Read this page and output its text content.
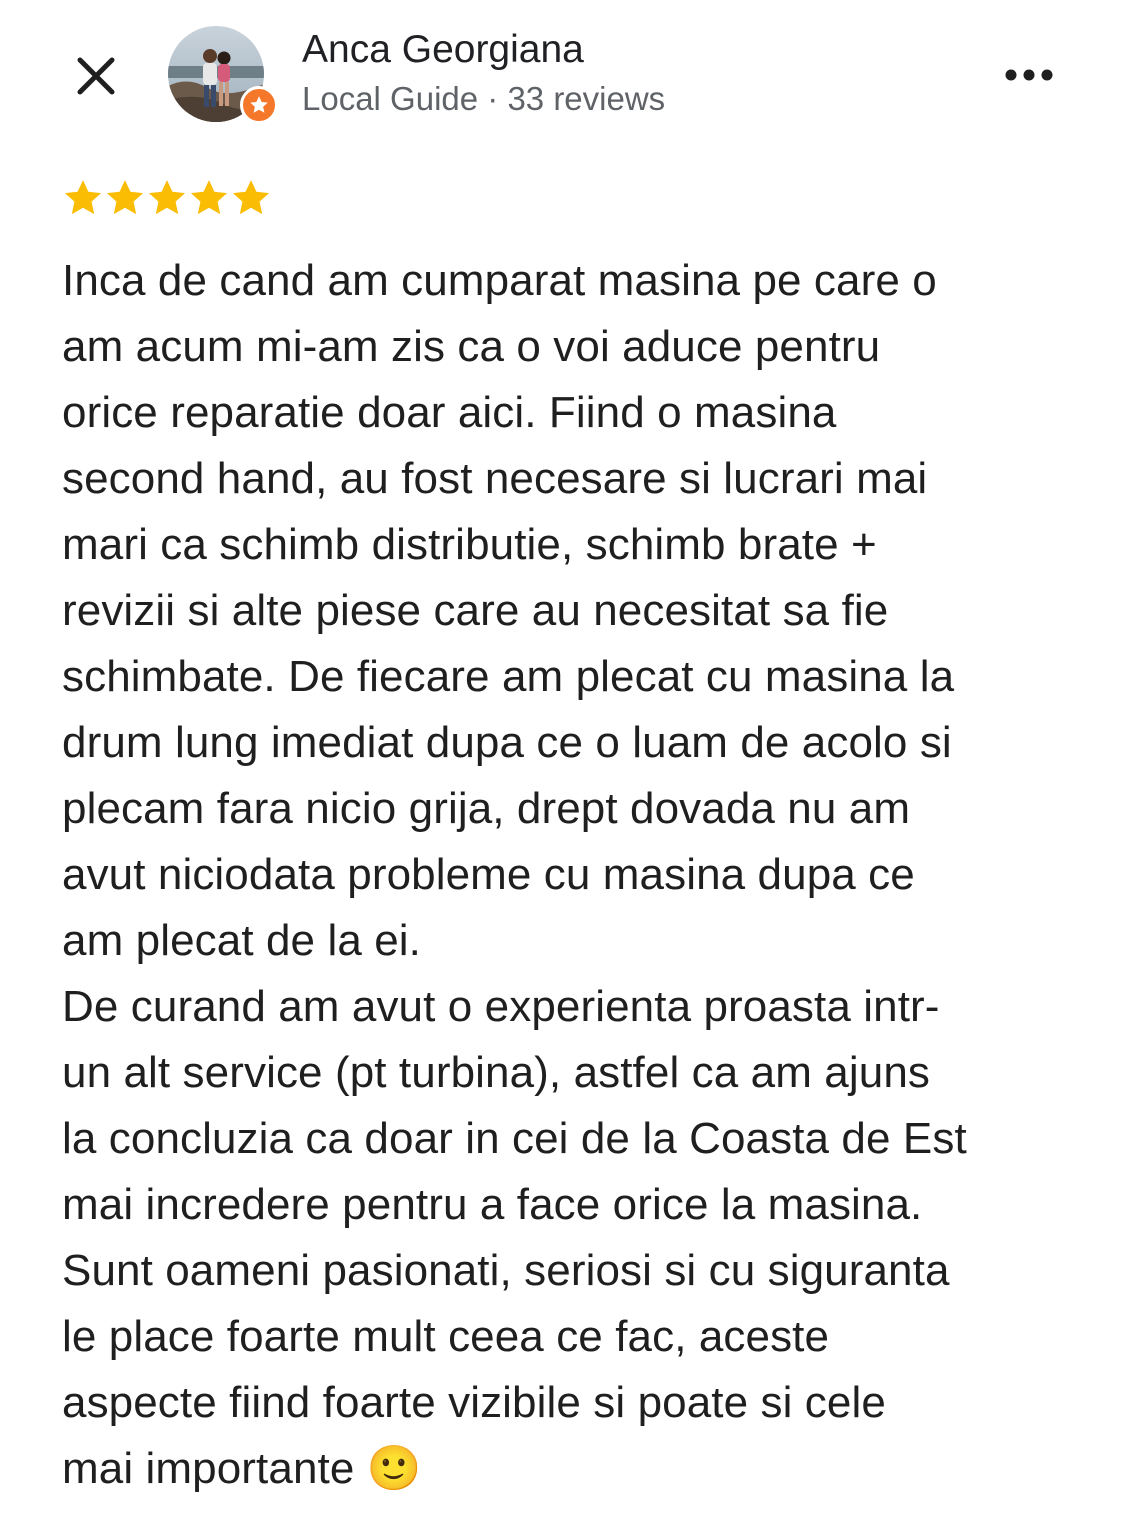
Anca Georgiana
Local Guide · 33 reviews
Inca de cand am cumparat masina pe care o
am acum mi-am zis ca o voi aduce pentru
orice reparatie doar aici. Fiind o masina
second hand, au fost necesare si lucrari mai
mari ca schimb distributie, schimb brate +
revizii si alte piese care au necesitat sa fie
schimbate. De fiecare am plecat cu masina la
drum lung imediat dupa ce o luam de acolo si
plecam fara nicio grija, drept dovada nu am
avut niciodata probleme cu masina dupa ce
am plecat de la ei.
De curand am avut o experienta proasta intr-
un alt service (pt turbina), astfel ca am ajuns
la concluzia ca doar in cei de la Coasta de Est
mai incredere pentru a face orice la masina.
Sunt oameni pasionati, seriosi si cu siguranta
le place foarte mult ceea ce fac, aceste
aspecte fiind foarte vizibile si poate si cele
mai importante 🙂
